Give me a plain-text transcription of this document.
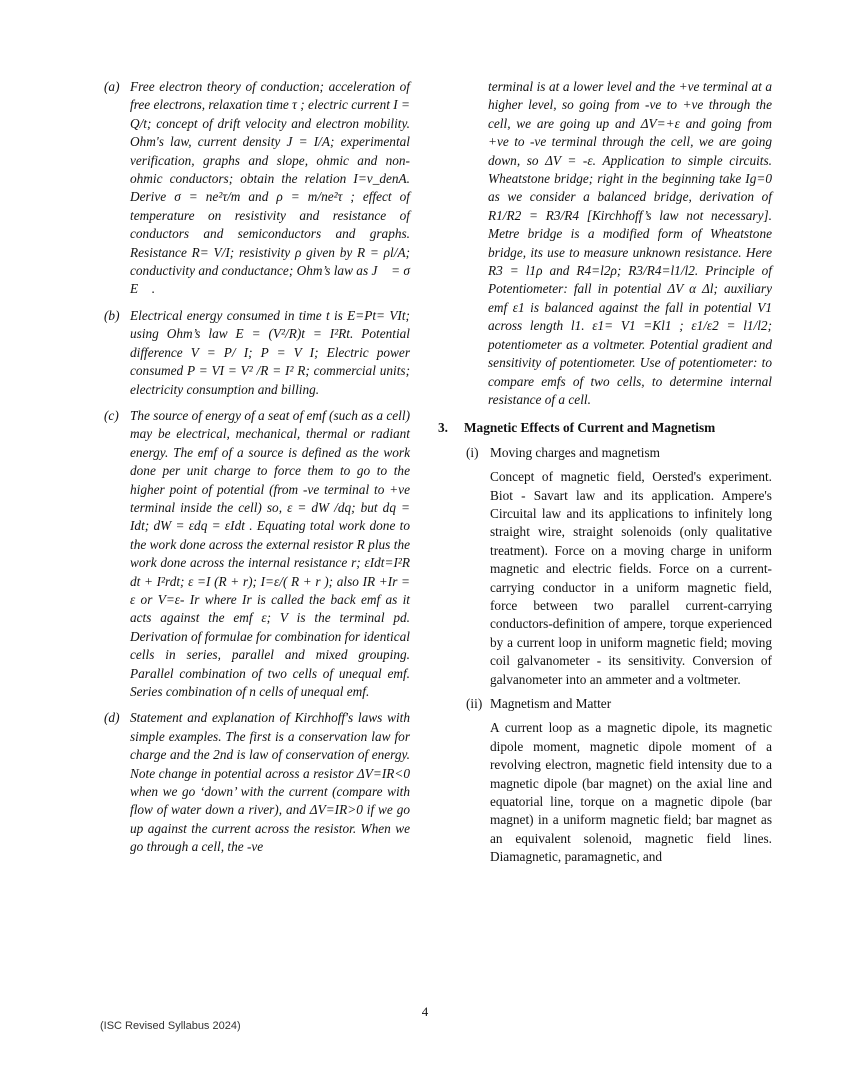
(a) Free electron theory of conduction; acceleration of free electrons, relaxation time τ ; electric current I = Q/t; concept of drift velocity and electron mobility. Ohm's law, current density J = I/A; experimental verification, graphs and slope, ohmic and non-ohmic conductors; obtain the relation I=v_denA. Derive σ = ne²τ/m and ρ = m/ne²τ ; effect of temperature on resistivity and resistance of conductors and semiconductors and graphs. Resistance R= V/I; resistivity ρ given by R = ρl/A; conductivity and conductance; Ohm’s law as J⃗ = σ E⃗ .
(b) Electrical energy consumed in time t is E=Pt= VIt; using Ohm’s law E = (V²/R)t = I²Rt. Potential difference V = P/ I; P = V I; Electric power consumed P = VI = V² /R = I² R; commercial units; electricity consumption and billing.
(c) The source of energy of a seat of emf (such as a cell) may be electrical, mechanical, thermal or radiant energy. The emf of a source is defined as the work done per unit charge to force them to go to the higher point of potential (from -ve terminal to +ve terminal inside the cell) so, ε = dW /dq; but dq = Idt; dW = εdq = εIdt . Equating total work done to the work done across the external resistor R plus the work done across the internal resistance r; εIdt=I²R dt + I²rdt; ε =I (R + r); I=ε/( R + r ); also IR +Ir = ε or V=ε- Ir where Ir is called the back emf as it acts against the emf ε; V is the terminal pd. Derivation of formulae for combination for identical cells in series, parallel and mixed grouping. Parallel combination of two cells of unequal emf. Series combination of n cells of unequal emf.
(d) Statement and explanation of Kirchhoff's laws with simple examples. The first is a conservation law for charge and the 2nd is law of conservation of energy. Note change in potential across a resistor ΔV=IR<0 when we go ‘down’ with the current (compare with flow of water down a river), and ΔV=IR>0 if we go up against the current across the resistor. When we go through a cell, the -ve
terminal is at a lower level and the +ve terminal at a higher level, so going from -ve to +ve through the cell, we are going up and ΔV=+ε and going from +ve to -ve terminal through the cell, we are going down, so ΔV = -ε. Application to simple circuits. Wheatstone bridge; right in the beginning take Ig=0 as we consider a balanced bridge, derivation of R1/R2 = R3/R4 [Kirchhoff’s law not necessary]. Metre bridge is a modified form of Wheatstone bridge, its use to measure unknown resistance. Here R3 = l1ρ and R4=l2ρ; R3/R4=l1/l2. Principle of Potentiometer: fall in potential ΔV α Δl; auxiliary emf ε1 is balanced against the fall in potential V1 across length l1. ε1= V1 =Kl1 ; ε1/ε2 = l1/l2; potentiometer as a voltmeter. Potential gradient and sensitivity of potentiometer. Use of potentiometer: to compare emfs of two cells, to determine internal resistance of a cell.
3.	Magnetic Effects of Current and Magnetism
(i) Moving charges and magnetism
Concept of magnetic field, Oersted's experiment. Biot - Savart law and its application. Ampere's Circuital law and its applications to infinitely long straight wire, straight solenoids (only qualitative treatment). Force on a moving charge in uniform magnetic and electric fields. Force on a current-carrying conductor in a uniform magnetic field, force between two parallel current-carrying conductors-definition of ampere, torque experienced by a current loop in uniform magnetic field; moving coil galvanometer - its sensitivity. Conversion of galvanometer into an ammeter and a voltmeter.
(ii) Magnetism and Matter
A current loop as a magnetic dipole, its magnetic dipole moment, magnetic dipole moment of a revolving electron, magnetic field intensity due to a magnetic dipole (bar magnet) on the axial line and equatorial line, torque on a magnetic dipole (bar magnet) in a uniform magnetic field; bar magnet as an equivalent solenoid, magnetic field lines. Diamagnetic, paramagnetic, and
4
(ISC Revised Syllabus 2024)
